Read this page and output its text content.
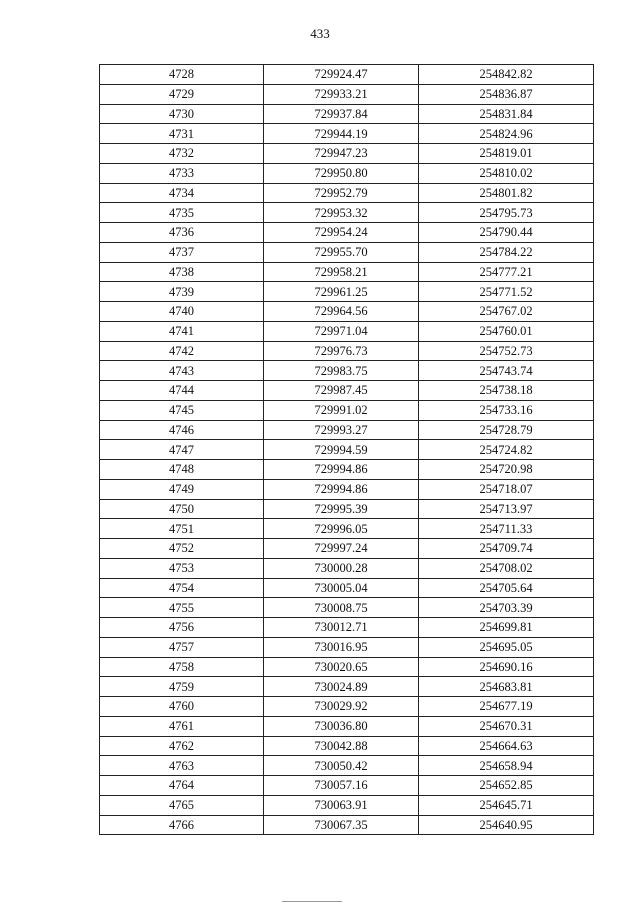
433
4728	729924.47	254842.82
4729	729933.21	254836.87
4730	729937.84	254831.84
4731	729944.19	254824.96
4732	729947.23	254819.01
4733	729950.80	254810.02
4734	729952.79	254801.82
4735	729953.32	254795.73
4736	729954.24	254790.44
4737	729955.70	254784.22
4738	729958.21	254777.21
4739	729961.25	254771.52
4740	729964.56	254767.02
4741	729971.04	254760.01
4742	729976.73	254752.73
4743	729983.75	254743.74
4744	729987.45	254738.18
4745	729991.02	254733.16
4746	729993.27	254728.79
4747	729994.59	254724.82
4748	729994.86	254720.98
4749	729994.86	254718.07
4750	729995.39	254713.97
4751	729996.05	254711.33
4752	729997.24	254709.74
4753	730000.28	254708.02
4754	730005.04	254705.64
4755	730008.75	254703.39
4756	730012.71	254699.81
4757	730016.95	254695.05
4758	730020.65	254690.16
4759	730024.89	254683.81
4760	730029.92	254677.19
4761	730036.80	254670.31
4762	730042.88	254664.63
4763	730050.42	254658.94
4764	730057.16	254652.85
4765	730063.91	254645.71
4766	730067.35	254640.95
